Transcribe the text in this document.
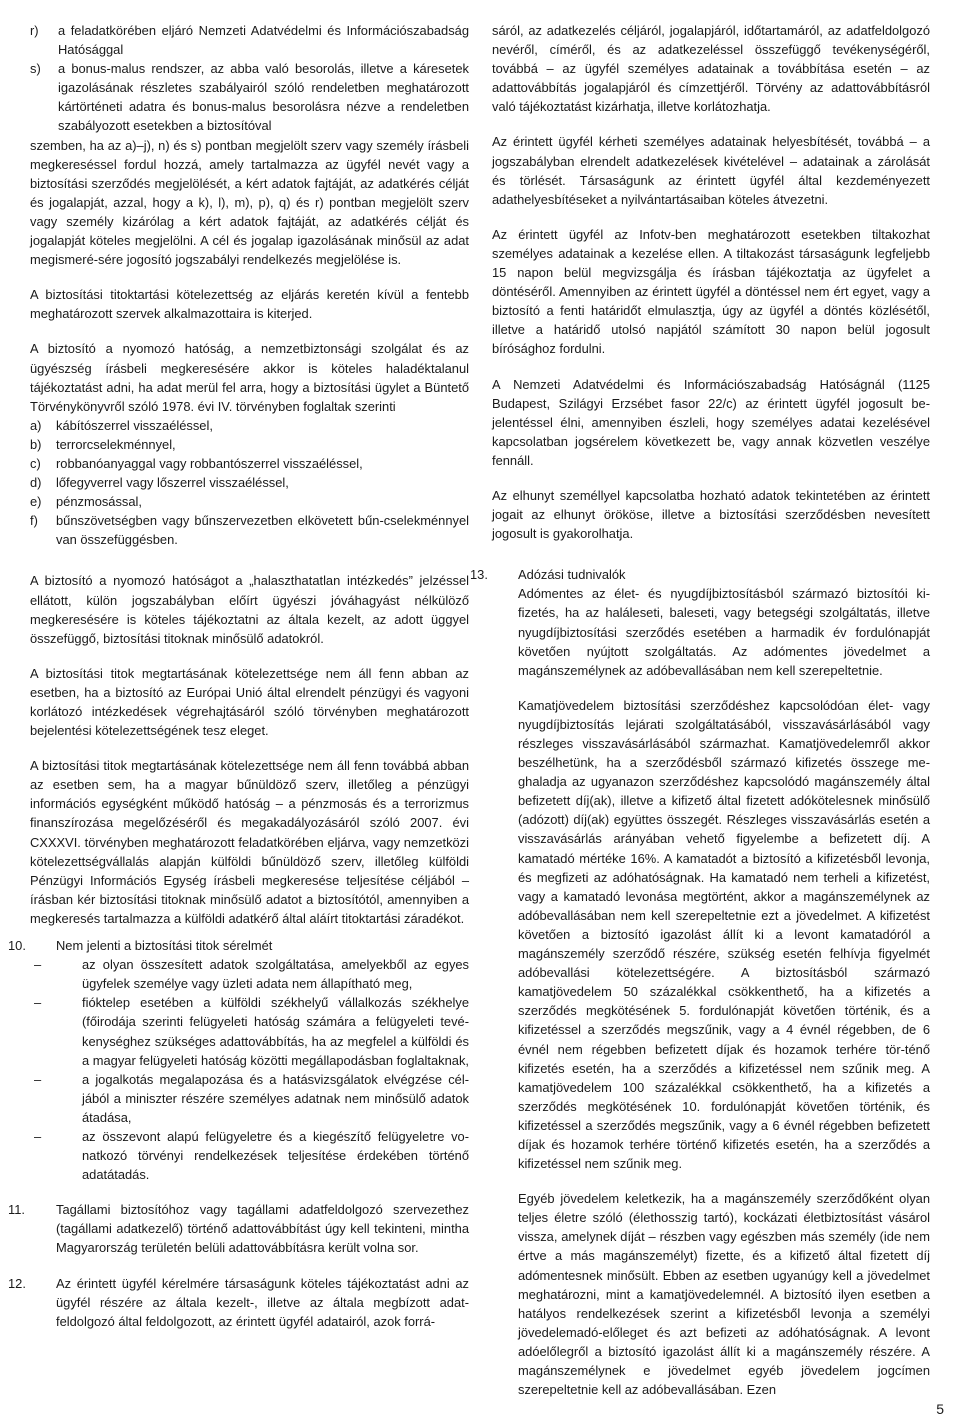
r) a feladatkörében eljáró Nemzeti Adatvédelmi és Információszabadság Hatósággal
s) a bonus-malus rendszer, az abba való besorolás, illetve a káresetek igazolásának részletes szabályairól szóló rendeletben meghatározott kártörténeti adatra és bonus-malus besorolásra nézve a rendeletben szabályozott esetekben a biztosítóval

szemben, ha az a)–j), n) és s) pontban megjelölt szerv vagy személy írásbeli megkereséssel fordul hozzá, amely tartalmazza az ügyfél nevét vagy a biztosítási szerződés megjelölését, a kért adatok fajtáját, az adatkérés célját és jogalapját, azzal, hogy a k), l), m), p), q) és r) pontban megjelölt szerv vagy személy kizárólag a kért adatok fajtáját, az adatkérés célját és jogalapját köteles megjelölni. A cél és jogalap igazolásának minősül az adat megismeré-sére jogosító jogszabályi rendelkezés megjelölése is.

A biztosítási titoktartási kötelezettség az eljárás keretén kívül a fentebb meghatározott szervek alkalmazottaira is kiterjed.

A biztosító a nyomozó hatóság, a nemzetbiztonsági szolgálat és az ügyészség írásbeli megkeresésére akkor is köteles haladéktalanul tájékoztatást adni, ha adat merül fel arra, hogy a biztosítási ügylet a Büntető Törvénykönyvről szóló 1978. évi IV. törvényben foglaltak szerinti

a) kábítószerrel visszaéléssel,
b) terrorcselekménnyel,
c) robbanóanyaggal vagy robbantószerrel visszaéléssel,
d) lőfegyverrel vagy lőszerrel visszaéléssel,
e) pénzmosással,
f) bűnszövetségben vagy bűnszervezetben elkövetett bűn-cselekménnyel van összefüggésben.

A biztosító a nyomozó hatóságot a „halaszthatatlan intézkedés” jelzéssel ellátott, külön jogszabályban előírt ügyészi jóváhagyást nélkülöző megkeresésére is köteles tájékoztatni az általa kezelt, az adott üggyel összefüggő, biztosítási titoknak minősülő adatokról.

A biztosítási titok megtartásának kötelezettsége nem áll fenn abban az esetben, ha a biztosító az Európai Unió által elrendelt pénzügyi és vagyoni korlátozó intézkedések végrehajtásáról szóló törvényben meghatározott bejelentési kötelezettségének tesz eleget.

A biztosítási titok megtartásának kötelezettsége nem áll fenn továbbá abban az esetben sem, ha a magyar bűnüldöző szerv, illetőleg a pénzügyi információs egységként működő hatóság – a pénzmosás és a terrorizmus finanszírozása megelőzéséről és megakadályozásáról szóló 2007. évi CXXXVI. törvényben meghatározott feladatkörében eljárva, vagy nemzetközi kötelezettségvállalás alapján külföldi bűnüldöző szerv, illetőleg külföldi Pénzügyi Információs Egység írásbeli megkeresése teljesítése céljából – írásban kér biztosítási titoknak minősülő adatot a biztosítótól, amennyiben a megkeresés tartalmazza a külföldi adatkérő által aláírt titoktartási záradékot.

10. Nem jelenti a biztosítási titok sérelmét
–	az olyan összesített adatok szolgáltatása, amelyekből az egyes ügyfelek személye vagy üzleti adata nem állapítható meg,
–	fióktelep esetében a külföldi székhelyű vállalkozás székhelye (főirodája szerinti felügyeleti hatóság számára a felügyeleti tevékenységhez szükséges adattovábbítás, ha az megfelel a külföldi és a magyar felügyeleti hatóság közötti megállapodásban foglaltaknak,
–	a jogalkotás megalapozása és a hatásvizsgálatok elvégzése céljából a miniszter részére személyes adatnak nem minősülő adatok átadása,
–	az összevont alapú felügyeletre és a kiegészítő felügyeletre vonatkozó törvényi rendelkezések teljesítése érdekében történő adatátadás.
11. Tagállami biztosítóhoz vagy tagállami adatfeldolgozó szervezethez (tagállami adatkezelő) történő adattovábbítást úgy kell tekinteni, mintha Magyarország területén belüli adattovábbításra került volna sor.
12. Az érintett ügyfél kérelmére társaságunk köteles tájékoztatást adni az ügyfél részére az általa kezelt-, illetve az általa megbízott adatfeldolgozó által feldolgozott, az érintett ügyfél adatairól, azok forrá-

sáról, az adatkezelés céljáról, jogalapjáról, időtartamáról, az adatfeldolgozó nevéről, címéről, és az adatkezeléssel összefüggő tevékenységéről, továbbá – az ügyfél személyes adatainak a továbbítása esetén – az adattovábbítás jogalapjáról és címzettjéről. Törvény az adattovábbításról való tájékoztatást kizárhatja, illetve korlátozhatja.

Az érintett ügyfél kérheti személyes adatainak helyesbítését, továbbá – a jogszabályban elrendelt adatkezelések kivételével – adatainak a zárolását és törlését. Társaságunk az érintett ügyfél által kezdeményezett adathelyesbítéseket a nyilvántartásaiban köteles átvezetni.

Az érintett ügyfél az Infotv-ben meghatározott esetekben tiltakozhat személyes adatainak a kezelése ellen. A tiltakozást társaságunk legfeljebb 15 napon belül megvizsgálja és írásban tájékoztatja az ügyfelet a döntéséről. Amennyiben az érintett ügyfél a döntéssel nem ért egyet, vagy a biztosító a fenti határidőt elmulasztja, úgy az ügyfél a döntés közlésétől, illetve a határidő utolsó napjától számított 30 napon belül jogosult bírósághoz fordulni.

A Nemzeti Adatvédelmi és Információszabadság Hatóságnál (1125 Budapest, Szilágyi Erzsébet fasor 22/c) az érintett ügyfél jogosult bejelentéssel élni, amennyiben észleli, hogy személyes adatai kezelésével kapcsolatban jogsérelem következett be, vagy annak közvetlen veszélye fennáll.

Az elhunyt személlyel kapcsolatba hozható adatok tekintetében az érintett jogait az elhunyt örököse, illetve a biztosítási szerződésben nevesített jogosult is gyakorolhatja.

13. Adózási tudnivalók

Adómentes az élet- és nyugdíjbiztosításból származó biztosítói kifizetés, ha az haláleseti, baleseti, vagy betegségi szolgáltatás, illetve nyugdíjbiztosítási szerződés esetében a harmadik év fordulónapját követően nyújtott szolgáltatás. Az adómentes jövedelmet a magánszemélynek az adóbevallásában nem kell szerepeltetnie.

Kamatjövedelem biztosítási szerződéshez kapcsolódóan élet- vagy nyugdíjbiztosítás lejárati szolgáltatásából, visszavásárlásából vagy részleges visszavásárlásából származhat. Kamatjövedelemről akkor beszélhetünk, ha a szerződésből származó kifizetés összege meghaladja az ugyanazon szerződéshez kapcsolódó magánszemély által befizetett díj(ak), illetve a kifizető által fizetett adókötelesnek minősülő (adózott) díj(ak) együttes összegét. Részleges visszavásárlás esetén a visszavásárlás arányában vehető figyelembe a befizetett díj. A kamatadó mértéke 16%. A kamatadót a biztosító a kifizetésből levonja, és megfizeti az adóhatóságnak. Ha kamatadó nem terheli a kifizetést, vagy a kamatadó levonása megtörtént, akkor a magánszemélynek az adóbevallásában nem kell szerepeltetnie ezt a jövedelmet. A kifizetést követően a biztosító igazolást állít ki a levont kamatadóról a magánszemély szerződő részére, szükség esetén felhívja figyelmét adóbevallási kötelezettségére. A biztosításból származó kamatjövedelem 50 százalékkal csökkenthető, ha a kifizetés a szerződés megkötésének 5. fordulónapját követően történik, és a kifizetéssel a szerződés megszűnik, vagy a 4 évnél régebben, de 6 évnél nem régebben befizetett díjak és hozamok terhére tör-ténő kifizetés esetén, ha a szerződés a kifizetéssel nem szűnik meg. A kamatjövedelem 100 százalékkal csökkenthető, ha a kifizetés a szerződés megkötésének 10. fordulónapját követően történik, és kifizetéssel a szerződés megszűnik, vagy a 6 évnél régebben befizetett díjak és hozamok terhére történő kifizetés esetén, ha a szerződés a kifizetéssel nem szűnik meg.

Egyéb jövedelem keletkezik, ha a magánszemély szerződőként olyan teljes életre szóló (élethosszig tartó), kockázati életbiztosítást vásárol vissza, amelynek díját – részben vagy egészben más személy (ide nem értve a más magánszemélyt) fizette, és a kifizető által fizetett díj adómentesnek minősült. Ebben az esetben ugyanúgy kell a jövedelmet meghatározni, mint a kamatjövedelemnél. A biztosító ilyen esetben a hatályos rendelkezések szerint a kifizetésből levonja a személyi jövedelemadó-előleget és azt befizeti az adóhatóságnak. A levont adóelőlegről a biztosító igazolást állít ki a magánszemély részére. A magánszemélynek e jövedelmet egyéb jövedelem jogcímen szerepeltetnie kell az adóbevallásában. Ezen

5
